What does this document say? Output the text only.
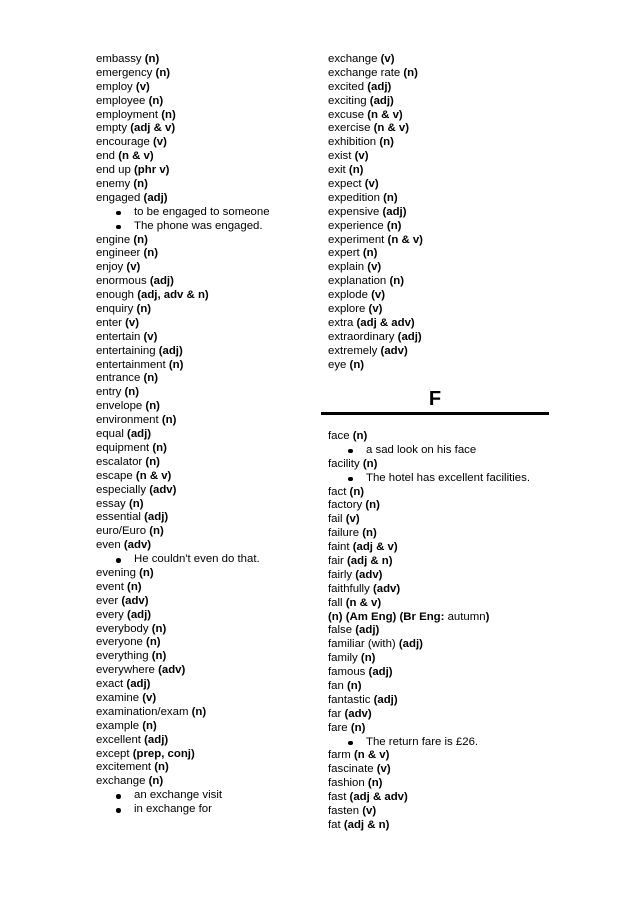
embassy (n)
emergency (n)
employ (v)
employee (n)
employment (n)
empty (adj & v)
encourage (v)
end (n & v)
end up (phr v)
enemy (n)
engaged (adj)
to be engaged to someone
The phone was engaged.
engine (n)
engineer (n)
enjoy (v)
enormous (adj)
enough (adj, adv & n)
enquiry (n)
enter (v)
entertain (v)
entertaining (adj)
entertainment (n)
entrance (n)
entry (n)
envelope (n)
environment (n)
equal (adj)
equipment (n)
escalator (n)
escape (n & v)
especially (adv)
essay (n)
essential (adj)
euro/Euro (n)
even (adv)
He couldn't even do that.
evening (n)
event (n)
ever (adv)
every (adj)
everybody (n)
everyone (n)
everything (n)
everywhere (adv)
exact (adj)
examine (v)
examination/exam (n)
example (n)
excellent (adj)
except (prep, conj)
excitement (n)
exchange (n)
an exchange visit
in exchange for
exchange (v)
exchange rate (n)
excited (adj)
exciting (adj)
excuse (n & v)
exercise (n & v)
exhibition (n)
exist (v)
exit (n)
expect (v)
expedition (n)
expensive (adj)
experience (n)
experiment (n & v)
expert (n)
explain (v)
explanation (n)
explode (v)
explore (v)
extra (adj & adv)
extraordinary (adj)
extremely (adv)
eye (n)
F
face (n)
a sad look on his face
facility (n)
The hotel has excellent facilities.
fact (n)
factory (n)
fail (v)
failure (n)
faint (adj & v)
fair (adj & n)
fairly (adv)
faithfully (adv)
fall (n & v)
(n) (Am Eng) (Br Eng: autumn)
false (adj)
familiar (with) (adj)
family (n)
famous (adj)
fan (n)
fantastic (adj)
far (adv)
fare (n)
The return fare is £26.
farm (n & v)
fascinate (v)
fashion (n)
fast (adj & adv)
fasten (v)
fat (adj & n)
